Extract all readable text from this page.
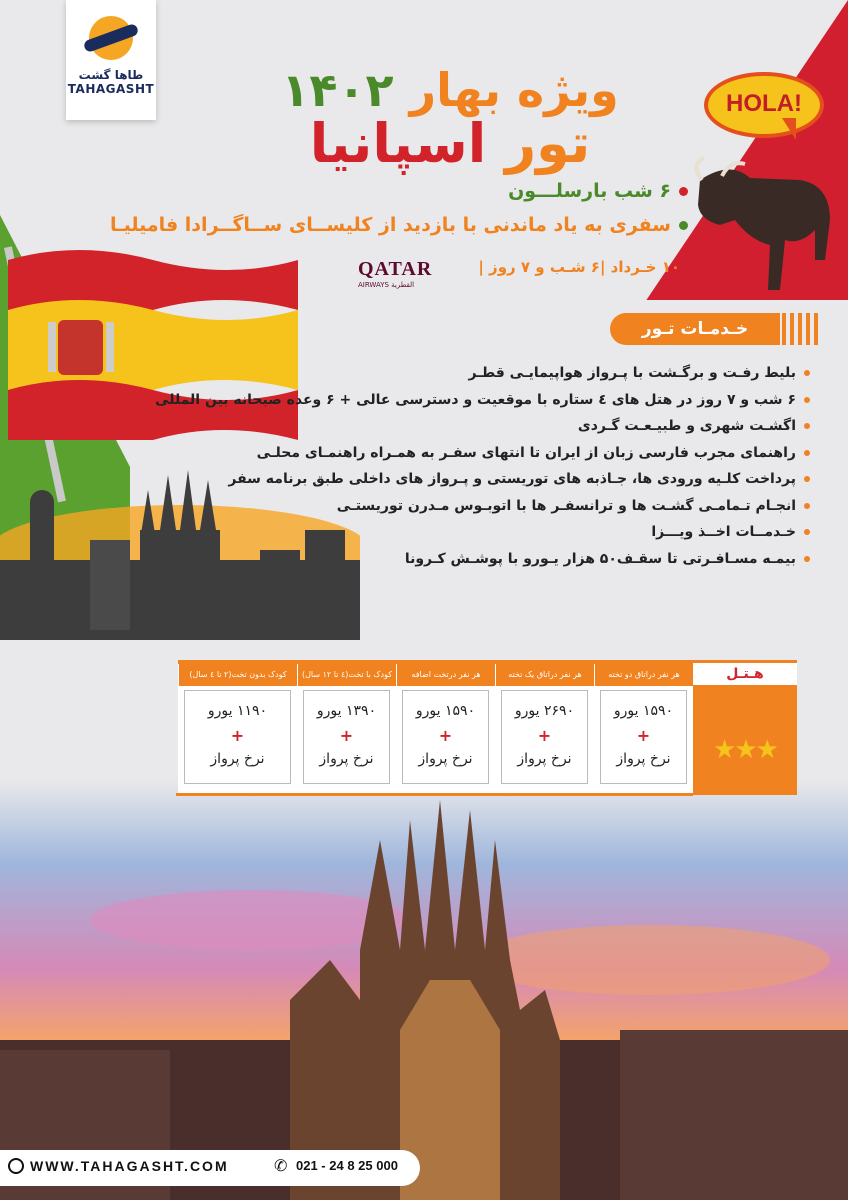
طاها گشت
TAHAGASHT
HOLA!
ویژه بهار ۱۴۰۲
تور اسپانیا
۶ شب بارسلـــون
سفری به یاد ماندنی با بازدید از کلیســای ســاگــرادا فامیلیـا
۱۰ خـرداد |۶ شـب و ۷ روز |
QATAR
AIRWAYS القطرية
خـدمـات تـور
بلیط رفـت و برگـشت با پـرواز هواپیمایـی قطـر
۶ شب و ۷ روز در هتل های ٤ ستاره با موقعیت و دسترسی عالی + ۶ وعده صبحانه بین المللی
اگشـت شهری و طبیـعـت گـردی
راهنمای مجرب فارسی زبان از ایران تا انتهای سفـر به همـراه راهنمـای محلـی
پرداخت کلـیه ورودی ها، جـاذبه های توریستی و پـرواز های داخلی طبق برنامه سفر
انجـام تـمامـی گشـت ها و ترانسفـر ها با اتوبـوس مـدرن توریستـی
خـدمــات اخــذ ویـــزا
بیمـه مسـافـرتی تا سقـف۵۰ هزار یـورو با پوشـش کـرونا
هـتـل
★★★
هر نفر دراتاق دو تخته
۱۵۹۰ یورو
+
نرخ پرواز
هر نفر دراتاق یک تخته
۲۶۹۰ یورو
+
نرخ پرواز
هر نفر درتخت اضافه
۱۵۹۰ یورو
+
نرخ پرواز
کودک با تخت(٤ تا ۱۲ سال)
۱۳۹۰ یورو
+
نرخ پرواز
کودک بدون تخت(۲ تا ٤ سال)
۱۱۹۰ یورو
+
نرخ پرواز
WWW.TAHAGASHT.COM	✆ 021 - 24 8 25 000
